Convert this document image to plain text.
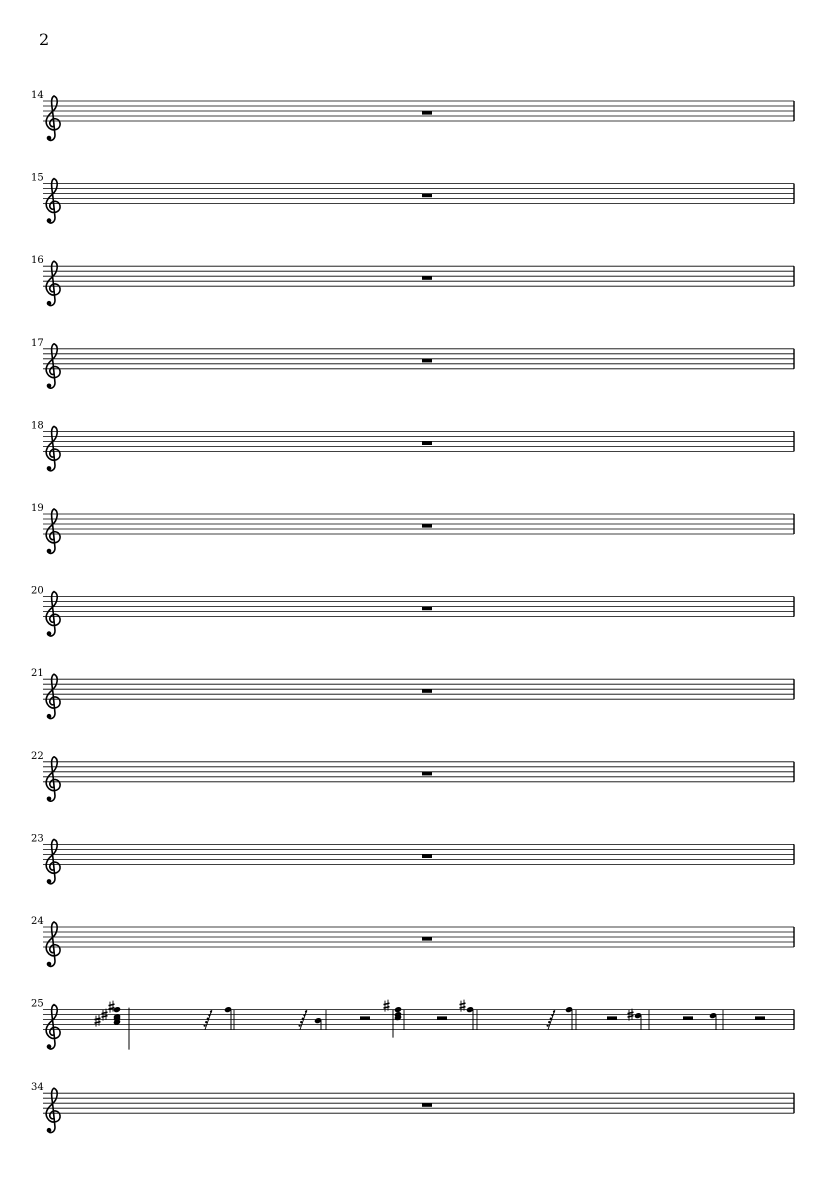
2
14
15
16
17
18
19
20
21
22
23
24
25
34
